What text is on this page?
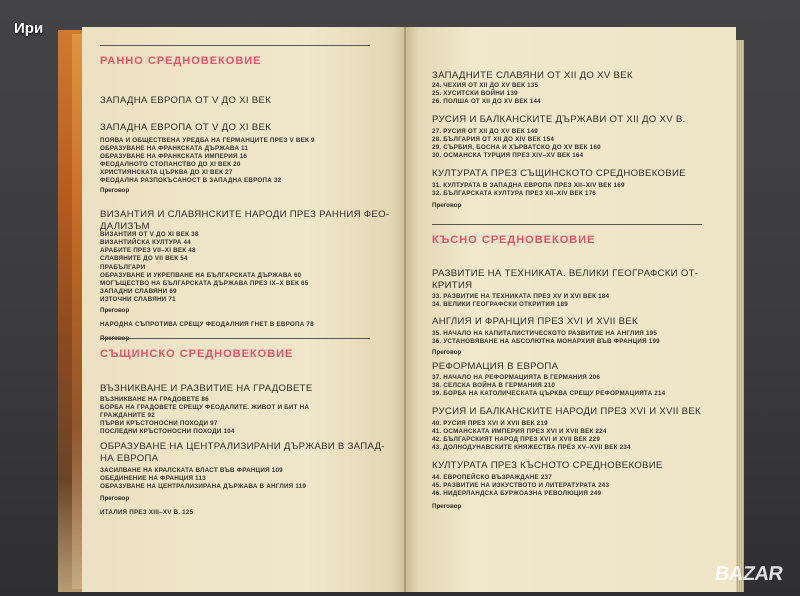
РАННО СРЕДНОВЕКОВИЕ

ЗАПАДНА ЕВРОПА ОТ V ДО XI ВЕК

ЗАПАДНА ЕВРОПА ОТ V ДО XI ВЕК

ПОЯВА И ОБЩЕСТВЕНА УРЕДБА НА ГЕРМАНЦИТЕ ПРЕЗ V ВЕК 9

ОБРАЗУВАНЕ НА ФРАНКСКАТА ДЪРЖАВА 11

ОБРАЗУВАНЕ НА ФРАНКСКАТА ИМПЕРИЯ 16

ФЕОДАЛНОТО СТОПАНСТВО ДО XI ВЕК 20

ХРИСТИЯНСКАТА ЦЪРКВА ДО XI ВЕК 27

ФЕОДАЛНА РАЗПОКЪСАНОСТ В ЗАПАДНА ЕВРОПА 32

Преговор

ВИЗАНТИЯ И СЛАВЯНСКИТЕ НАРОДИ ПРЕЗ РАННИЯ ФЕО-

ДАЛИЗЪМ

ВИЗАНТИЯ ОТ V ДО XI ВЕК 38

ВИЗАНТИЙСКА КУЛТУРА 44

АРАБИТЕ ПРЕЗ VII–XI ВЕК 48

СЛАВЯНИТЕ ДО VII ВЕК 54

ПРАБЪЛГАРИ

ОБРАЗУВАНЕ И УКРЕПВАНЕ НА БЪЛГАРСКАТА ДЪРЖАВА 60

МОГЪЩЕСТВО НА БЪЛГАРСКАТА ДЪРЖАВА ПРЕЗ IX–X ВЕК 65

ЗАПАДНИ СЛАВЯНИ 69

ИЗТОЧНИ СЛАВЯНИ 71

Преговор

НАРОДНА СЪПРОТИВА СРЕЩУ ФЕОДАЛНИЯ ГНЕТ В ЕВРОПА 78

СЪЩИНСКО СРЕДНОВЕКОВИЕ

ВЪЗНИКВАНЕ И РАЗВИТИЕ НА ГРАДОВЕТЕ

ВЪЗНИКВАНЕ НА ГРАДОВЕТЕ 86

БОРБА НА ГРАДОВЕТЕ СРЕЩУ ФЕОДАЛИТЕ. ЖИВОТ И БИТ НА

ГРАЖДАНИТЕ 92

ПЪРВИ КРЪСТОНОСНИ ПОХОДИ 97

ПОСЛЕДНИ КРЪСТОНОСНИ ПОХОДИ 104

ОБРАЗУВАНЕ НА ЦЕНТРАЛИЗИРАНИ ДЪРЖАВИ В ЗАПАД-

НА ЕВРОПА

ЗАСИЛВАНЕ НА КРАЛСКАТА ВЛАСТ ВЪВ ФРАНЦИЯ 109

ОБЕДИНЕНИЕ НА ФРАНЦИЯ 113

ОБРАЗУВАНЕ НА ЦЕНТРАЛИЗИРАНА ДЪРЖАВА В АНГЛИЯ 119

Преговор

ИТАЛИЯ ПРЕЗ XIII–XV В. 125

ЗАПАДНИТЕ СЛАВЯНИ ОТ XII ДО XV ВЕК

24. ЧЕХИЯ ОТ XII ДО XV ВЕК 135

25. ХУСИТСКИ ВОЙНИ 139

26. ПОЛША ОТ XII ДО XV ВЕК 144

РУСИЯ И БАЛКАНСКИТЕ ДЪРЖАВИ ОТ XII ДО XV В.

27. РУСИЯ ОТ XII ДО XV ВЕК 149

28. БЪЛГАРИЯ ОТ XII ДО XIV ВЕК 154

29. СЪРБИЯ, БОСНА И ХЪРВАТСКО ДО XV ВЕК 160

30. ОСМАНСКА ТУРЦИЯ ПРЕЗ XIV–XV ВЕК 164

КУЛТУРАТА ПРЕЗ СЪЩИНСКОТО СРЕДНОВЕКОВИЕ

31. КУЛТУРАТА В ЗАПАДНА ЕВРОПА ПРЕЗ XII–XIV ВЕК 169

32. БЪЛГАРСКАТА КУЛТУРА ПРЕЗ XII–XIV ВЕК 176

Преговор

КЪСНО СРЕДНОВЕКОВИЕ

РАЗВИТИЕ НА ТЕХНИКАТА. ВЕЛИКИ ГЕОГРАФСКИ ОТ-

КРИТИЯ

33. РАЗВИТИЕ НА ТЕХНИКАТА ПРЕЗ XV И XVI ВЕК 184

34. ВЕЛИКИ ГЕОГРАФСКИ ОТКРИТИЯ 189

АНГЛИЯ И ФРАНЦИЯ ПРЕЗ XVI И XVII ВЕК

35. НАЧАЛО НА КАПИТАЛИСТИЧЕСКОТО РАЗВИТИЕ НА АНГЛИЯ 195

36. УСТАНОВЯВАНЕ НА АБСОЛЮТНА МОНАРХИЯ ВЪВ ФРАНЦИЯ 199

Преговор

РЕФОРМАЦИЯ В ЕВРОПА

37. НАЧАЛО НА РЕФОРМАЦИЯТА В ГЕРМАНИЯ 206

38. СЕЛСКА ВОЙНА В ГЕРМАНИЯ 210

39. БОРБА НА КАТОЛИЧЕСКАТА ЦЪРКВА СРЕЩУ РЕФОРМАЦИЯТА 214

РУСИЯ И БАЛКАНСКИТЕ НАРОДИ ПРЕЗ XVI И XVII ВЕК

40. РУСИЯ ПРЕЗ XVI И XVII ВЕК 219

41. ОСМАНСКАТА ИМПЕРИЯ ПРЕЗ XVI И XVII ВЕК 224

42. БЪЛГАРСКИЯТ НАРОД ПРЕЗ XVI И XVII ВЕК 229

43. ДОЛНОДУНАВСКИТЕ КНЯЖЕСТВА ПРЕЗ XV–XVII ВЕК 234

КУЛТУРАТА ПРЕЗ КЪСНОТО СРЕДНОВЕКОВИЕ

44. ЕВРОПЕЙСКО ВЪЗРАЖДАНЕ 237

45. РАЗВИТИЕ НА ИЗКУСТВОТО И ЛИТЕРАТУРАТА 243

46. НИДЕРЛАНДСКА БУРЖОАЗНА РЕВОЛЮЦИЯ 249

Преговор

Ири
BAZAR
